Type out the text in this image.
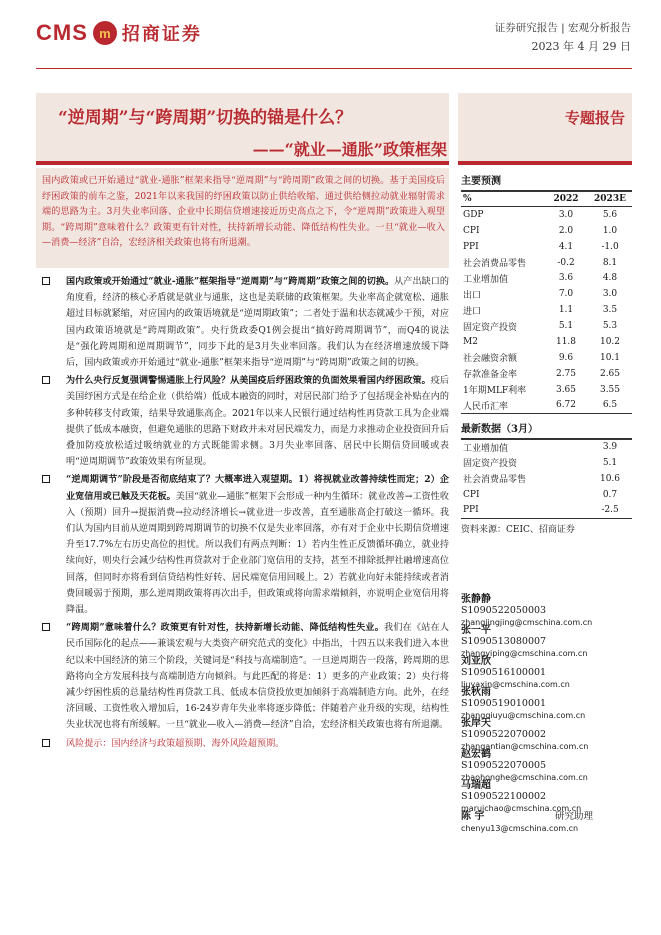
CMS m 招商证券	证券研究报告 | 宏观分析报告
2023 年 4 月 29 日
“逆周期”与“跨周期”切换的锚是什么？
——“就业—通胀”政策框架
专题报告
国内政策或已开始通过“就业-通胀”框架来指导“逆周期”与“跨周期”政策之间的切换。基于美国疫后纾困政策的前车之鉴，2021年以来我国的纾困政策以防止供给收缩、通过供给侧拉动就业辐射需求端的思路为主。3月失业率回落、企业中长期信贷增速接近历史高点之下，令“逆周期”政策进入观望期。“跨周期”意味着什么？政策更有针对性，扶持新增长动能、降低结构性失业。一旦“就业—收入—消费—经济”自洽，宏经济相关政策也将有所退潮。
国内政策或开始通过“就业-通胀”框架指导“逆周期”与“跨周期”政策之间的切换。从产出缺口的角度看，经济的核心矛盾就是就业与通胀，这也是美联储的政策框架。失业率高企就宽松、通胀超过目标就紧缩，对应国内的政策语境就是“逆周期政策”；二者处于温和状态就减少干预，对应国内政策语境就是“跨周期政策”。央行货政委Q1例会提出“搞好跨周期调节”，而Q4的说法是“强化跨周期和逆周期调节”，同步下此的是3月失业率回落。我们认为在经济增速放缓下降后，国内政策或亦开始通过“就业-通胀”框架来指导“逆周期”与“跨周期”政策之间的切换。
为什么央行反复强调警惕通胀上行风险？从美国疫后纾困政策的负面效果看国内纾困政策。疫后美国纾困方式是在给企业（供给端）低成本融资的同时，对居民部门给予了包括现金补贴在内的多种转移支付政策，结果导致通胀高企。2021年以来人民银行通过结构性再贷款工具为企业端提供了低成本融资，但避免通胀的思路下财政并未对居民端发力，而是力求推动企业投资回升后叠加防疫放松适过吸纳就业的方式既能需求侧。3月失业率回落、居民中长期信贷回暖或表明“逆周期调节”政策效果有所显现。
“逆周期调节”阶段是否彻底结束了？大概率进入观望期。1）将视就业改善持续性而定；2）企业宽信用或已触及天花板。美国“就业—通胀”框架下会形成一种内生循环：就业改善→工资性收入（预期）回升→提振消费→拉动经济增长→就业进一步改善，直至通胀高企打破这一循环。我们认为国内目前从逆周期到跨周期调节的切换不仅是失业率回落，亦有对于企业中长期信贷增速升至17.7%左右历史高位的担忧。所以我们有两点判断：1）若内生性正反馈循环确立，就业持续向好，则央行会减少结构性再贷款对于企业部门宽信用的支持，甚至不排除抵押社融增速高位回落，但同时亦将看到信贷结构性好转、居民端宽信用回暖上。2）若就业向好未能持续或者消费回暖弱于预期，那么逆周期政策将再次出手，但政策或将向需求端倾斜，亦说明企业宽信用将降温。
“跨周期”意味着什么？政策更有针对性，扶持新增长动能、降低结构性失业。我们在《站在人民币国际化的起点——兼谈宏观与大类资产研究范式的变化》中指出，十四五以来我们进入本世纪以来中国经济的第三个阶段，关键词是“科技与高端制造”。一旦逆周期告一段落，跨周期的思路将向全方发展科技与高端制造方向倾斜。与此匹配的将是：1）更多的产业政策；2）央行将减少纾困性质的总量结构性再贷款工具、低成本信贷投放更加倾斜于高端制造方向。此外，在经济回暖、工资性收入增加后，16-24岁青年失业率将逐步降低；伴随着产业升级的实现，结构性失业状况也将有所缓解。一旦“就业—收入—消费—经济”自洽，宏经济相关政策也将有所退潮。
风险提示：国内经济与政策超预期、海外风险超预期。
主要预测
%	2022	2023E
GDP	3.0	5.6
CPI	2.0	1.0
PPI	4.1	-1.0
社会消费品零售	-0.2	8.1
工业增加值	3.6	4.8
出口	7.0	3.0
进口	1.1	3.5
固定资产投资	5.1	5.3
M2	11.8	10.2
社会融资余额	9.6	10.1
存款准备金率	2.75	2.65
1年期MLF利率	3.65	3.55
人民币汇率	6.72	6.5
最新数据（3月）
工业增加值	3.9
固定资产投资	5.1
社会消费品零售	10.6
CPI	0.7
PPI	-2.5
资料来源：CEIC、招商证券
张静静S1090522050003
zhangjingjing@cmschina.com.cn
张一平S1090513080007
zhangyiping@cmschina.com.cn
刘亚欣S1090516100001
liuyaxin@cmschina.com.cn
张秋雨S1090519010001
zhangqiuyu@cmschina.com.cn
张岸天S1090522070002
zhangantian@cmschina.com.cn
赵宏鹤S1090522070005
zhaohonghe@cmschina.com.cn
马瑞超S1090522100002
maruichao@cmschina.com.cn
陈 宇	研究助理
chenyu13@cmschina.com.cn
